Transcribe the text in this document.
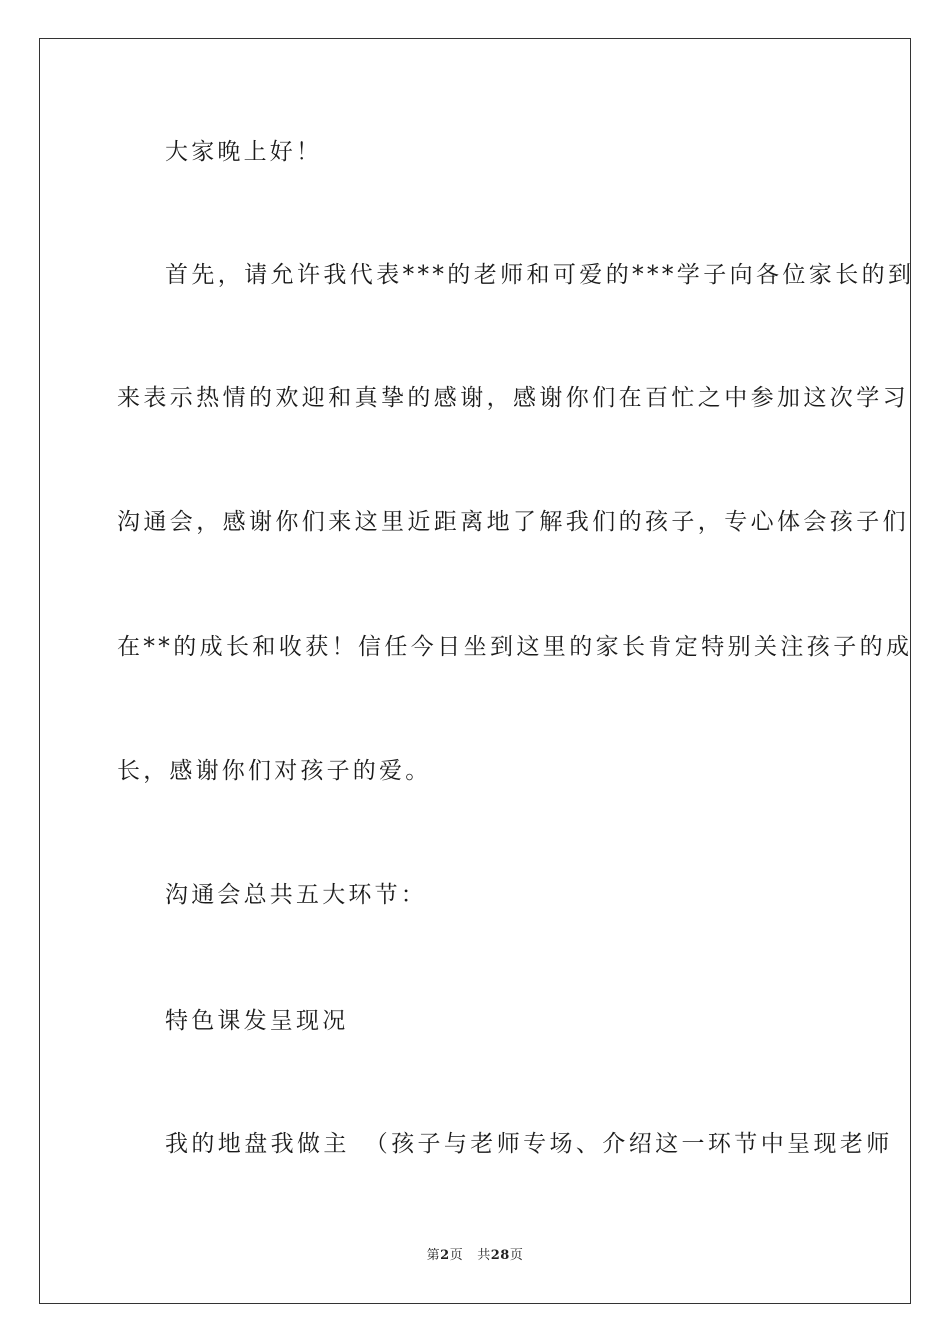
大家晚上好！
首先，请允许我代表***的老师和可爱的***学子向各位家长的到
来表示热情的欢迎和真挚的感谢，感谢你们在百忙之中参加这次学习
沟通会，感谢你们来这里近距离地了解我们的孩子，专心体会孩子们
在**的成长和收获！信任今日坐到这里的家长肯定特别关注孩子的成
长，感谢你们对孩子的爱。
沟通会总共五大环节：
特色课发呈现况
我的地盘我做主　（孩子与老师专场、介绍这一环节中呈现老师
第2页 共28页
